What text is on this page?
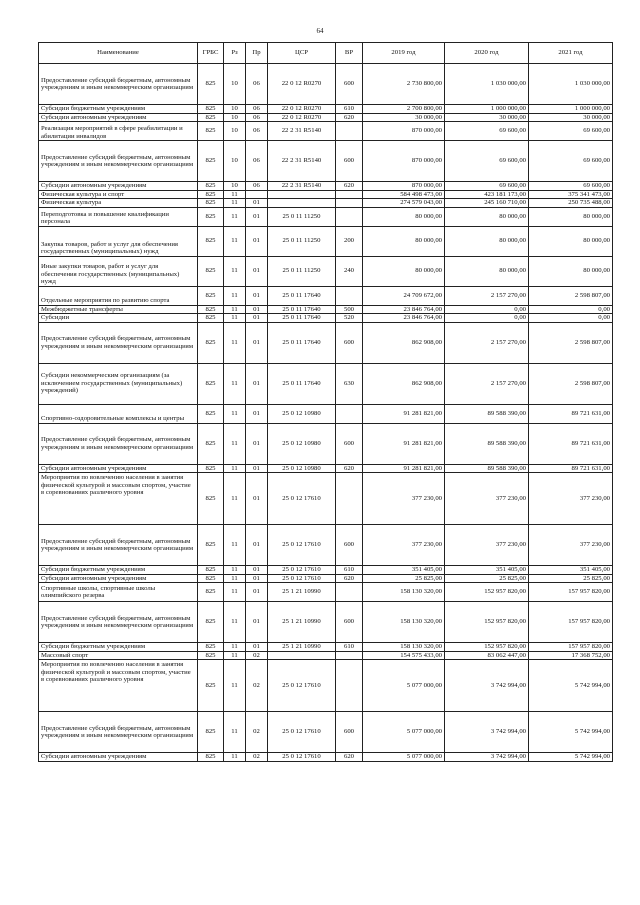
64
Наименование	ГРБС	Рз	Пр	ЦСР	ВР	2019 год	2020 год	2021 год
Предоставление субсидий бюджетным, автономным учреждениям и иным некоммерческим организациям	825	10	06	22 0 12 R0270	600	2 730 800,00	1 030 000,00	1 030 000,00
Субсидии бюджетным учреждениям	825	10	06	22 0 12 R0270	610	2 700 800,00	1 000 000,00	1 000 000,00
Субсидии автономным учреждениям	825	10	06	22 0 12 R0270	620	30 000,00	30 000,00	30 000,00
Реализация мероприятий в сфере реабилитации и абилитации инвалидов	825	10	06	22 2 31 R5140		870 000,00	69 600,00	69 600,00
Предоставление субсидий бюджетным, автономным учреждениям и иным некоммерческим организациям	825	10	06	22 2 31 R5140	600	870 000,00	69 600,00	69 600,00
Субсидии автономным учреждениям	825	10	06	22 2 31 R5140	620	870 000,00	69 600,00	69 600,00
Физическая культура и спорт	825	11				584 498 473,00	423 181 173,00	375 341 473,00
Физическая культура	825	11	01			274 579 043,00	245 160 710,00	250 735 488,00
Переподготовка и повышение квалификации персонала	825	11	01	25 0 11 11250		80 000,00	80 000,00	80 000,00
Закупка товаров, работ и услуг для обеспечения государственных (муниципальных) нужд	825	11	01	25 0 11 11250	200	80 000,00	80 000,00	80 000,00
Иные закупки товаров, работ и услуг для обеспечения государственных (муниципальных) нужд	825	11	01	25 0 11 11250	240	80 000,00	80 000,00	80 000,00
Отдельные мероприятия по развитию спорта	825	11	01	25 0 11 17640		24 709 672,00	2 157 270,00	2 598 807,00
Межбюджетные трансферты	825	11	01	25 0 11 17640	500	23 846 764,00	0,00	0,00
Субсидии	825	11	01	25 0 11 17640	520	23 846 764,00	0,00	0,00
Предоставление субсидий бюджетным, автономным учреждениям и иным некоммерческим организациям	825	11	01	25 0 11 17640	600	862 908,00	2 157 270,00	2 598 807,00
Субсидии некоммерческим организациям (за исключением государственных (муниципальных) учреждений)	825	11	01	25 0 11 17640	630	862 908,00	2 157 270,00	2 598 807,00
Спортивно-оздоровительные комплексы и центры	825	11	01	25 0 12 10980		91 281 821,00	89 588 390,00	89 721 631,00
Предоставление субсидий бюджетным, автономным учреждениям и иным некоммерческим организациям	825	11	01	25 0 12 10980	600	91 281 821,00	89 588 390,00	89 721 631,00
Субсидии автономным учреждениям	825	11	01	25 0 12 10980	620	91 281 821,00	89 588 390,00	89 721 631,00
Мероприятия по вовлечению населения в занятия физической культурой и массовым спортом, участие в соревнованиях различного уровня	825	11	01	25 0 12 17610		377 230,00	377 230,00	377 230,00
Предоставление субсидий бюджетным, автономным учреждениям и иным некоммерческим организациям	825	11	01	25 0 12 17610	600	377 230,00	377 230,00	377 230,00
Субсидии бюджетным учреждениям	825	11	01	25 0 12 17610	610	351 405,00	351 405,00	351 405,00
Субсидии автономным учреждениям	825	11	01	25 0 12 17610	620	25 825,00	25 825,00	25 825,00
Спортивные школы, спортивные школы олимпийского резерва	825	11	01	25 1 21 10990		158 130 320,00	152 957 820,00	157 957 820,00
Предоставление субсидий бюджетным, автономным учреждениям и иным некоммерческим организациям	825	11	01	25 1 21 10990	600	158 130 320,00	152 957 820,00	157 957 820,00
Субсидии бюджетным учреждениям	825	11	01	25 1 21 10990	610	158 130 320,00	152 957 820,00	157 957 820,00
Массовый спорт	825	11	02			154 575 433,00	83 062 447,00	17 368 752,00
Мероприятия по вовлечению населения в занятия физической культурой и массовым спортом, участие в соревнованиях различного уровня	825	11	02	25 0 12 17610		5 077 000,00	3 742 994,00	5 742 994,00
Предоставление субсидий бюджетным, автономным учреждениям и иным некоммерческим организациям	825	11	02	25 0 12 17610	600	5 077 000,00	3 742 994,00	5 742 994,00
Субсидии автономным учреждениям	825	11	02	25 0 12 17610	620	5 077 000,00	3 742 994,00	5 742 994,00
